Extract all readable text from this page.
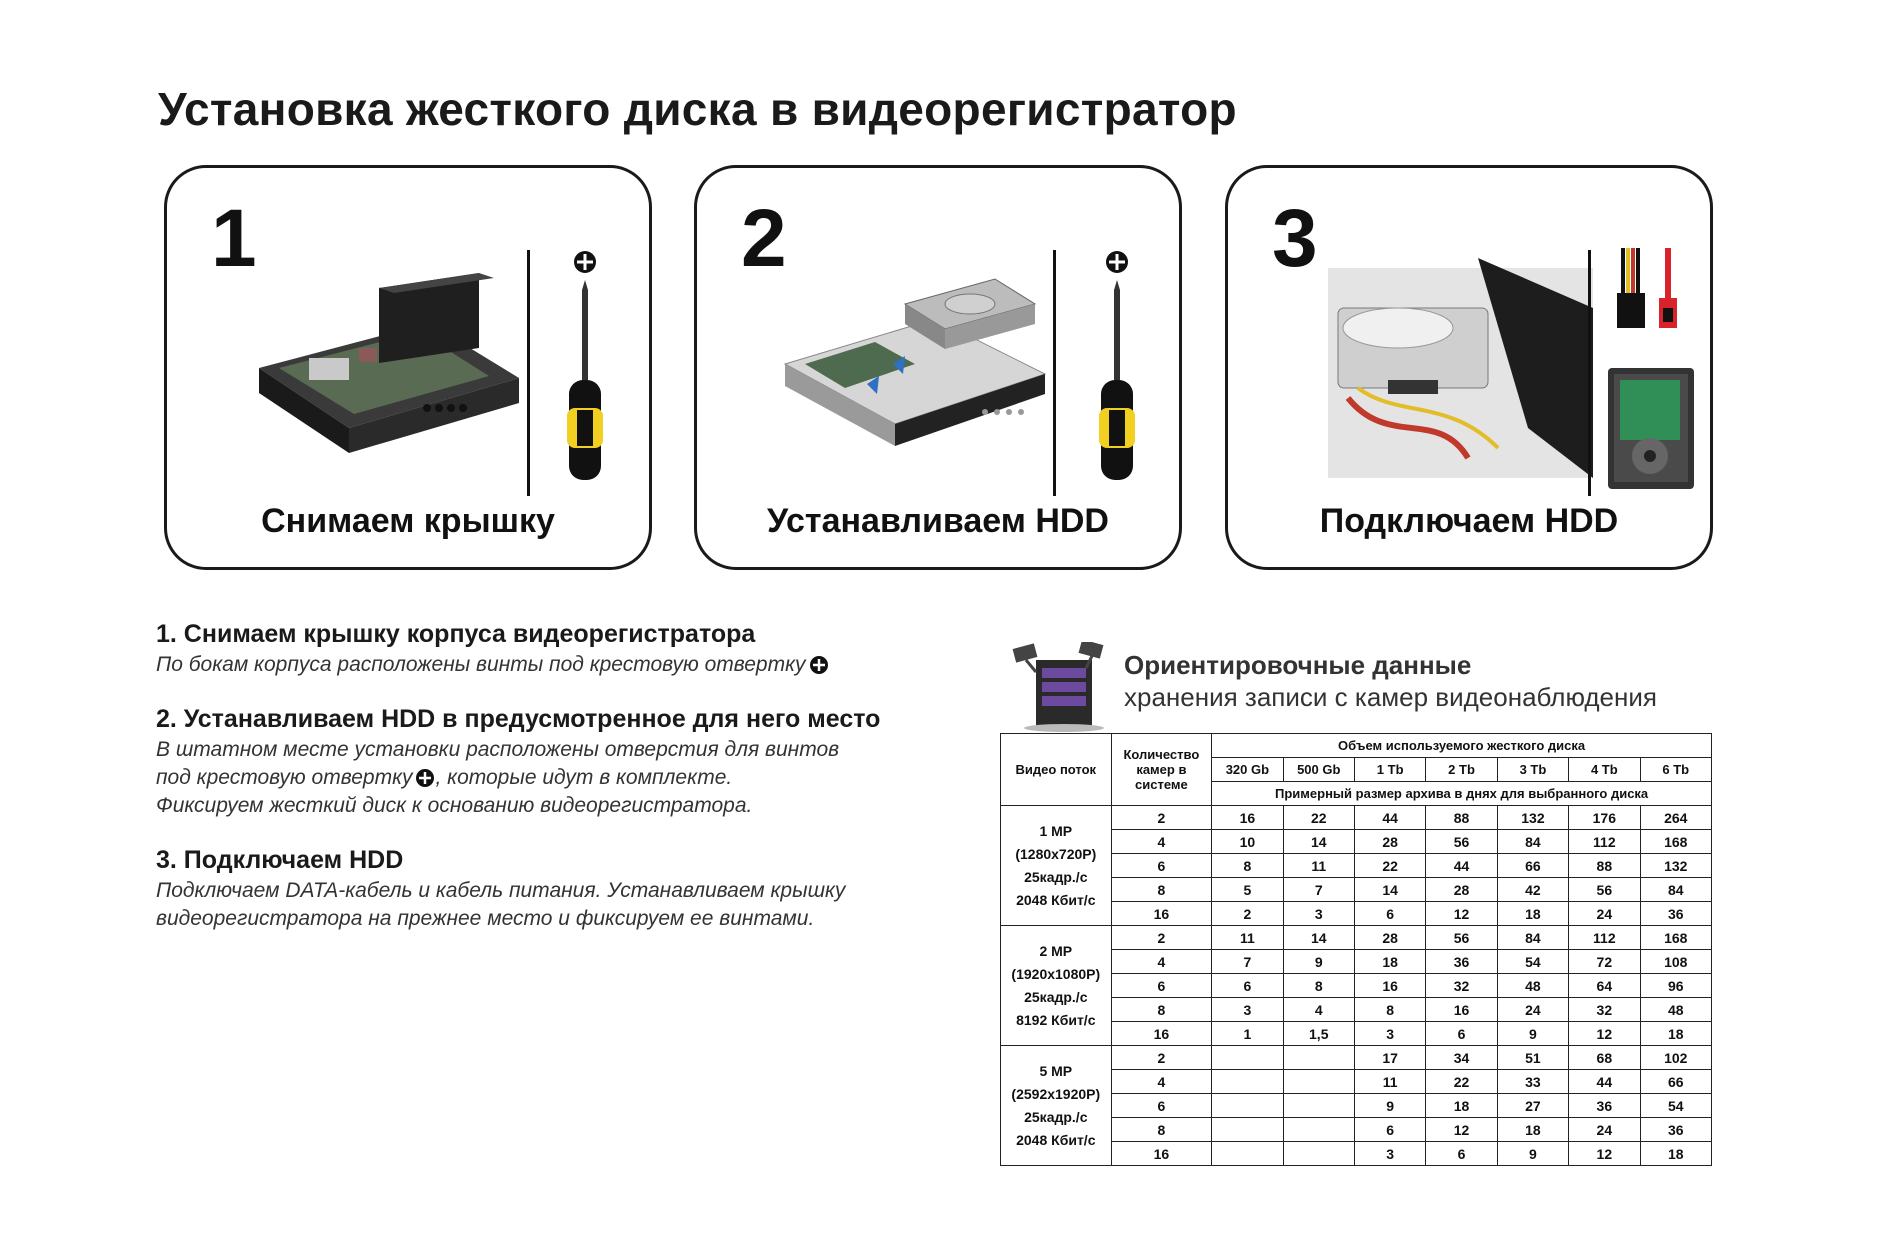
Установка жесткого диска в видеорегистратор
1
Снимаем крышку
2
Устанавливаем HDD
3
Подключаем HDD
1. Снимаем крышку корпуса видеорегистратора

По бокам корпуса расположены винты под крестовую отвертку

2. Устанавливаем HDD в предусмотренное для него место

В штатном месте установки расположены отверстия для винтов
под крестовую отвертку , которые идут в комплекте.
Фиксируем жесткий диск к основанию видеорегистратора.

3. Подключаем HDD

Подключаем DATA-кабель и кабель питания. Устанавливаем крышку
видеорегистратора на прежнее место и фиксируем ее винтами.

Ориентировочные данные
хранения записи с камер видеонаблюдения
Видео поток	Количество камер в системе	Объем используемого жесткого диска						
		320 Gb	500 Gb	1 Tb	2 Tb	3 Tb	4 Tb	6 Tb
		Примерный размер архива в днях для выбранного диска						

1 MP
(1280x720P)
25кадр./с
2048 Кбит/с	2	16	22	44	88	132	176	264
	4	10	14	28	56	84	112	168
	6	8	11	22	44	66	88	132
	8	5	7	14	28	42	56	84
	16	2	3	6	12	18	24	36

2 MP
(1920x1080P)
25кадр./с
8192 Кбит/с	2	11	14	28	56	84	112	168
	4	7	9	18	36	54	72	108
	6	6	8	16	32	48	64	96
	8	3	4	8	16	24	32	48
	16	1	1,5	3	6	9	12	18

5 MP
(2592x1920P)
25кадр./с
2048 Кбит/с	2			17	34	51	68	102
	4			11	22	33	44	66
	6			9	18	27	36	54
	8			6	12	18	24	36
	16			3	6	9	12	18
